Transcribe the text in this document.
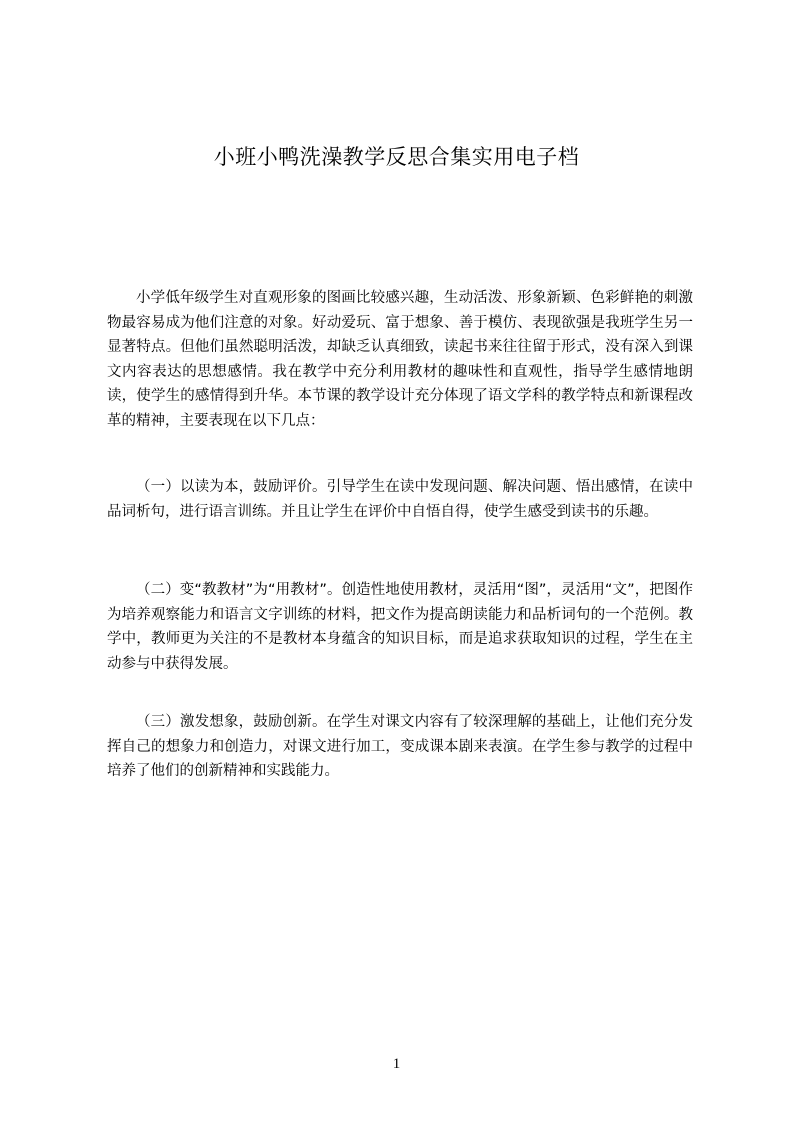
小班小鸭洗澡教学反思合集实用电子档

小学低年级学生对直观形象的图画比较感兴趣，生动活泼、形象新颖、色彩鲜艳的刺激物最容易成为他们注意的对象。好动爱玩、富于想象、善于模仿、表现欲强是我班学生另一显著特点。但他们虽然聪明活泼，却缺乏认真细致，读起书来往往留于形式，没有深入到课文内容表达的思想感情。我在教学中充分利用教材的趣味性和直观性，指导学生感情地朗读，使学生的感情得到升华。本节课的教学设计充分体现了语文学科的教学特点和新课程改革的精神，主要表现在以下几点：

（一）以读为本，鼓励评价。引导学生在读中发现问题、解决问题、悟出感情，在读中品词析句，进行语言训练。并且让学生在评价中自悟自得，使学生感受到读书的乐趣。

（二）变“教教材”为“用教材”。创造性地使用教材，灵活用“图”，灵活用“文”，把图作为培养观察能力和语言文字训练的材料，把文作为提高朗读能力和品析词句的一个范例。教学中，教师更为关注的不是教材本身蕴含的知识目标，而是追求获取知识的过程，学生在主动参与中获得发展。

（三）激发想象，鼓励创新。在学生对课文内容有了较深理解的基础上，让他们充分发挥自己的想象力和创造力，对课文进行加工，变成课本剧来表演。在学生参与教学的过程中培养了他们的创新精神和实践能力。

1
